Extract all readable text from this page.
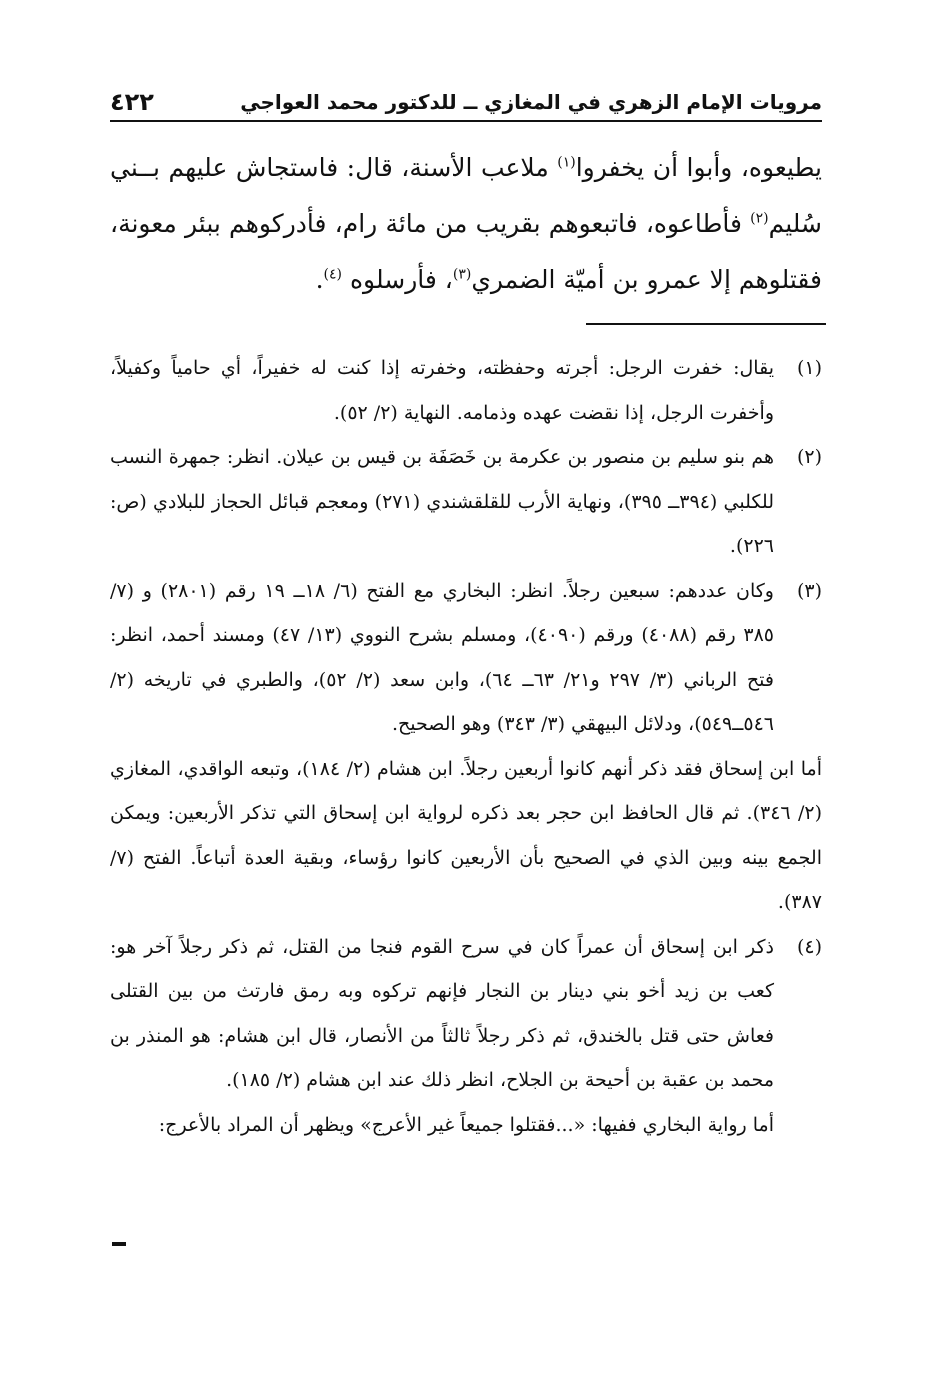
مرويات الإمام الزهري في المغازي ــ للدكتور محمد العواجي
٤٢٢

يطيعوه، وأبوا أن يخفروا$^{(١)}$ ملاعب الأسنة، قال: فاستجاش عليهم بــني سُليم$^{(٢)}$ فأطاعوه، فاتبعوهم بقريب من مائة رام، فأدركوهم ببئر معونة، فقتلوهم إلا عمرو بن أميّة الضمري$^{(٣)}$، فأرسلوه $^{(٤)}$.

(١)

يقال: خفرت الرجل: أجرته وحفظته، وخفرته إذا كنت له خفيراً، أي حامياً وكفيلاً، وأخفرت الرجل، إذا نقضت عهده وذمامه. النهاية (٢/ ٥٢).

(٢)

هم بنو سليم بن منصور بن عكرمة بن خَصَفَة بن قيس بن عيلان. انظر: جمهرة النسب للكلبي (٣٩٤ــ ٣٩٥)، ونهاية الأرب للقلقشندي (٢٧١) ومعجم قبائل الحجاز للبلادي (ص: ٢٢٦).

(٣)

وكان عددهم: سبعين رجلاً. انظر: البخاري مع الفتح (٦/ ١٨ــ ١٩ رقم (٢٨٠١) و (٧/ ٣٨٥ رقم (٤٠٨٨) ورقم (٤٠٩٠)، ومسلم بشرح النووي (١٣/ ٤٧) ومسند أحمد، انظر: فتح الرباني (٣/ ٢٩٧ و٢١/ ٦٣ــ ٦٤)، وابن سعد (٢/ ٥٢)، والطبري في تاريخه (٢/ ٥٤٦ــ٥٤٩)، ودلائل البيهقي (٣/ ٣٤٣) وهو الصحيح.

أما ابن إسحاق فقد ذكر أنهم كانوا أربعين رجلاً. ابن هشام (٢/ ١٨٤)، وتبعه الواقدي، المغازي (٢/ ٣٤٦). ثم قال الحافظ ابن حجر بعد ذكره لرواية ابن إسحاق التي تذكر الأربعين: ويمكن الجمع بينه وبين الذي في الصحيح بأن الأربعين كانوا رؤساء، وبقية العدة أتباعاً. الفتح (٧/ ٣٨٧).

(٤)

ذكر ابن إسحاق أن عمراً كان في سرح القوم فنجا من القتل، ثم ذكر رجلاً آخر هو: كعب بن زيد أخو بني دينار بن النجار فإنهم تركوه وبه رمق فارتث من بين القتلى فعاش حتى قتل بالخندق، ثم ذكر رجلاً ثالثاً من الأنصار، قال ابن هشام: هو المنذر بن محمد بن عقبة بن أحيحة بن الجلاح، انظر ذلك عند ابن هشام (٢/ ١٨٥).

أما رواية البخاري ففيها: «...فقتلوا جميعاً غير الأعرج» ويظهر أن المراد بالأعرج:
